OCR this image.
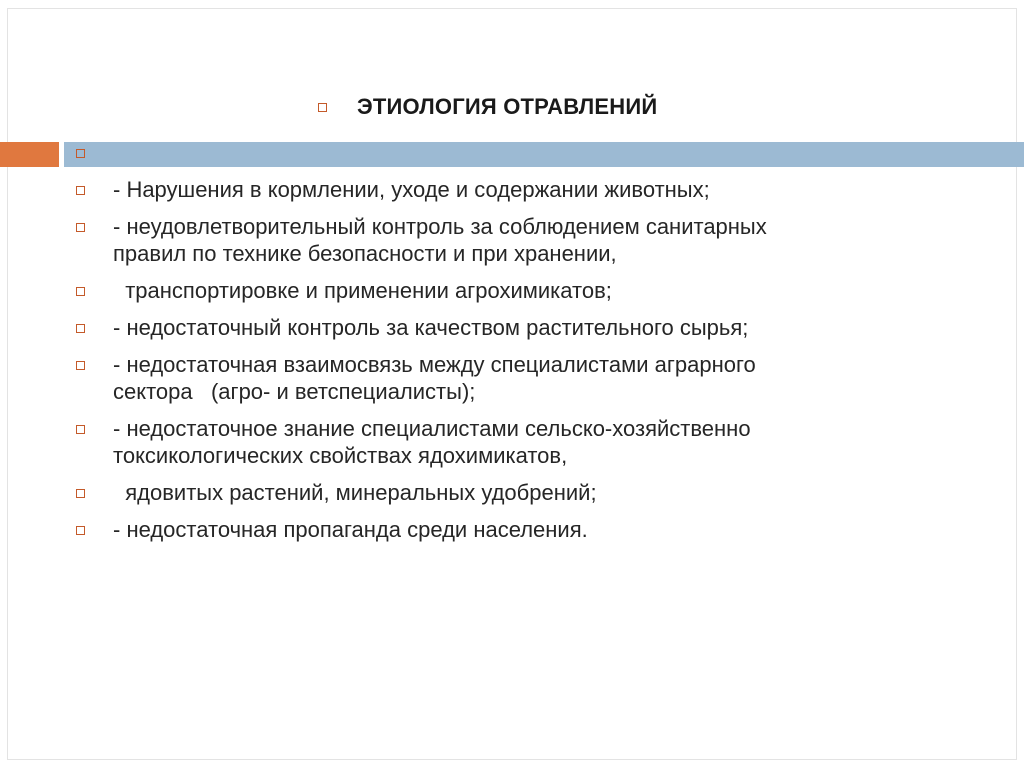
ЭТИОЛОГИЯ ОТРАВЛЕНИЙ
- Нарушения в кормлении, уходе и содержании животных;
- неудовлетворительный контроль за соблюдением санитарных
правил по технике безопасности и при хранении,
транспортировке и применении агрохимикатов;
- недостаточный контроль за качеством растительного сырья;
- недостаточная взаимосвязь между специалистами аграрного
сектора   (агро- и ветспециалисты);
- недостаточное знание специалистами сельско-хозяйственно
токсикологических свойствах ядохимикатов,
ядовитых растений, минеральных удобрений;
- недостаточная пропаганда среди населения.
